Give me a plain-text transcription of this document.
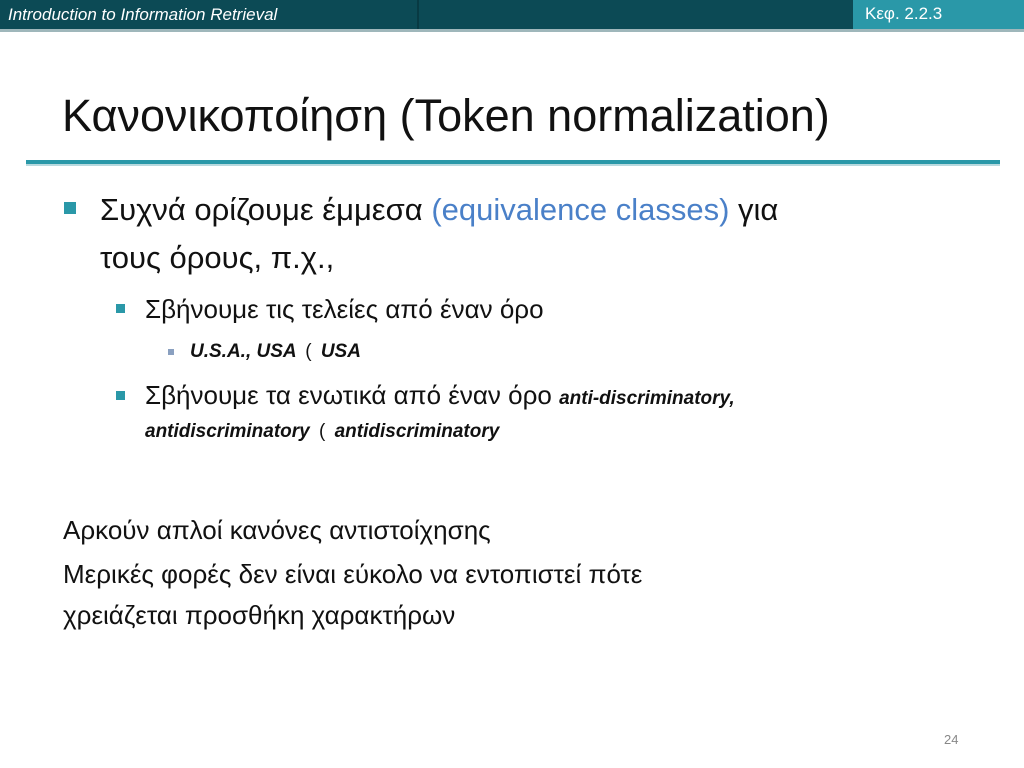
Introduction to Information Retrieval	Κεφ. 2.2.3
Κανονικοποίηση (Token normalization)
Συχνά ορίζουμε έμμεσα (equivalence classes) για
τους όρους, π.χ.,
Σβήνουμε τις τελείες από έναν όρο
U.S.A., USA ( USA
Σβήνουμε τα ενωτικά από έναν όρο anti-discriminatory,
antidiscriminatory ( antidiscriminatory
Αρκούν απλοί κανόνες αντιστοίχησης
Μερικές φορές δεν είναι εύκολο να εντοπιστεί πότε
χρειάζεται προσθήκη χαρακτήρων
24
